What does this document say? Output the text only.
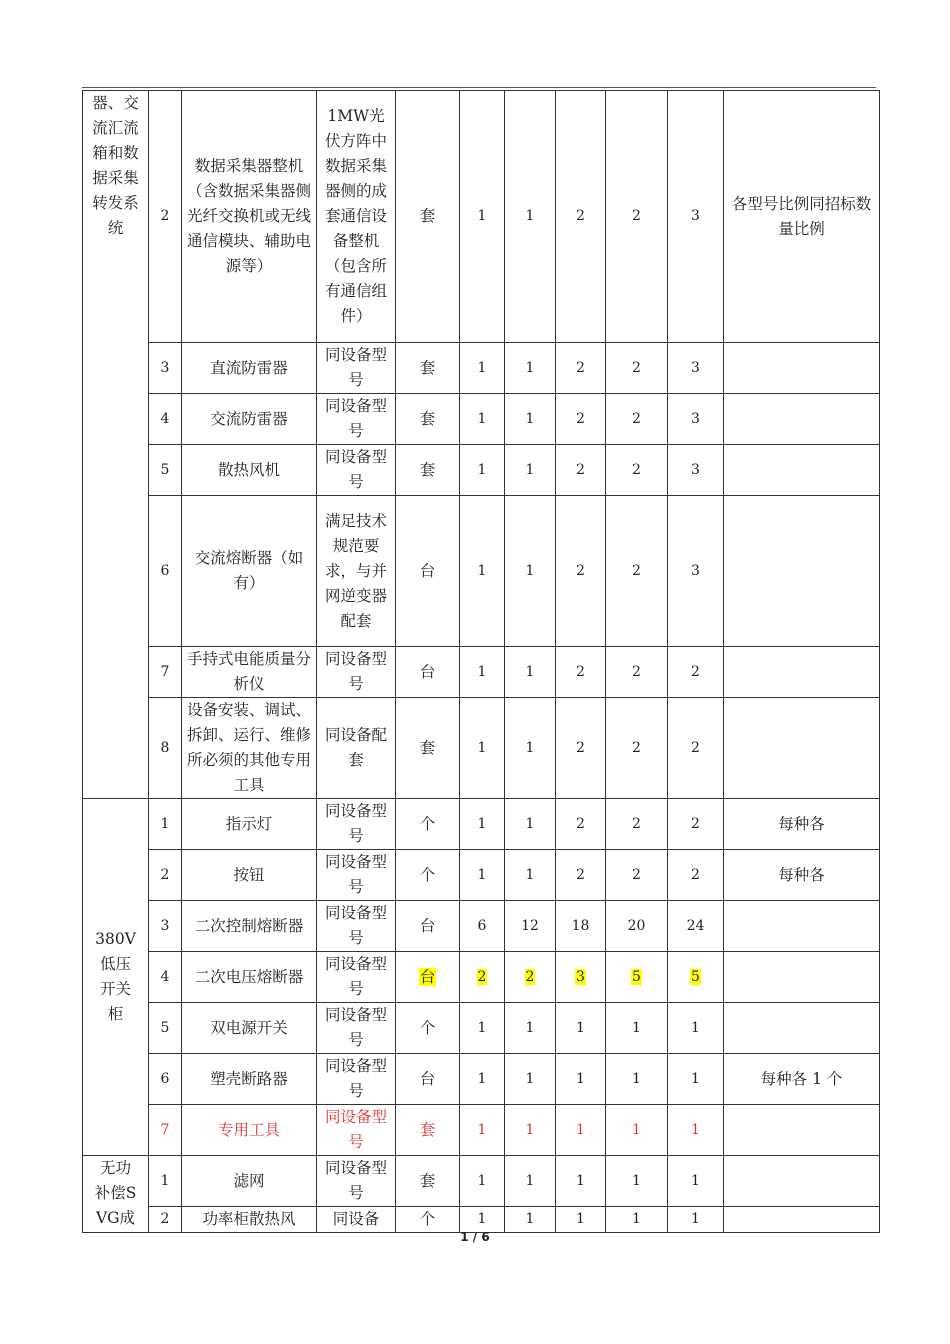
器、交流汇流箱和数据采集转发系统	2	数据采集器整机（含数据采集器侧光纤交换机或无线通信模块、辅助电源等）	1MW光伏方阵中数据采集器侧的成套通信设备整机（包含所有通信组件）	套	1	1	2	2	3	各型号比例同招标数量比例
	3	直流防雷器	同设备型号	套	1	1	2	2	3	
	4	交流防雷器	同设备型号	套	1	1	2	2	3	
	5	散热风机	同设备型号	套	1	1	2	2	3	
	6	交流熔断器（如有）	满足技术规范要求，与并网逆变器配套	台	1	1	2	2	3	
	7	手持式电能质量分析仪	同设备型号	台	1	1	2	2	2	
	8	设备安装、调试、拆卸、运行、维修所必须的其他专用工具	同设备配套	套	1	1	2	2	2	
380V低压开关柜	1	指示灯	同设备型号	个	1	1	2	2	2	每种各
	2	按钮	同设备型号	个	1	1	2	2	2	每种各
	3	二次控制熔断器	同设备型号	台	6	12	18	20	24	
	4	二次电压熔断器	同设备型号	台	2	2	3	5	5	
	5	双电源开关	同设备型号	个	1	1	1	1	1	
	6	塑壳断路器	同设备型号	台	1	1	1	1	1	每种各 1 个
	7	专用工具	同设备型号	套	1	1	1	1	1	
无功补偿SVG成	1	滤网	同设备型号	套	1	1	1	1	1	
	2	功率柜散热风	同设备	个	1	1	1	1	1	
1 / 6
